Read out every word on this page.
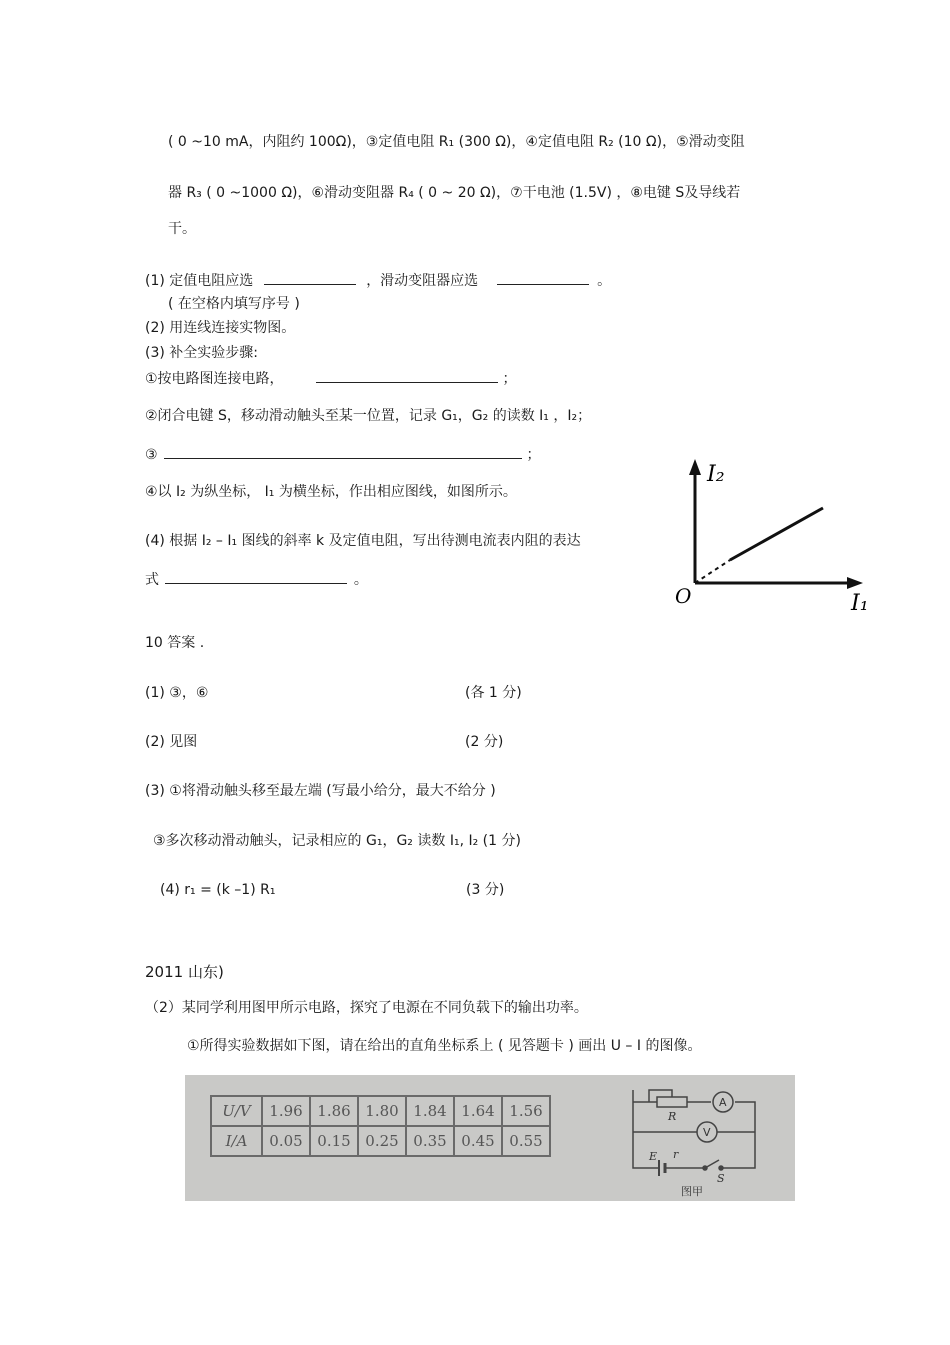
( 0 ~10 mA，内阻约 100Ω)，③定值电阻 R₁ (300 Ω)，④定值电阻 R₂ (10 Ω)，⑤滑动变阻
器 R₃ ( 0 ~1000 Ω)，⑥滑动变阻器 R₄ ( 0 ~ 20 Ω)，⑦干电池 (1.5V) ，⑧电键 S及导线若
干。
(1) 定值电阻应选	，滑动变阻器应选	。
( 在空格内填写序号 )
(2) 用连线连接实物图。
(3) 补全实验步骤:
①按电路图连接电路，	；
②闭合电键 S，移动滑动触头至某一位置，记录 G₁，G₂ 的读数 I₁ ，I₂；
③	；
④以 I₂ 为纵坐标， I₁ 为横坐标，作出相应图线，如图所示。
(4) 根据 I₂ – I₁ 图线的斜率 k 及定值电阻，写出待测电流表内阻的表达
式	。
I₂
I₁
O
10 答案 .
(1) ③，⑥	(各 1 分)
(2) 见图	(2 分)
(3) ①将滑动触头移至最左端 (写最小给分，最大不给分 )
③多次移动滑动触头，记录相应的 G₁，G₂ 读数 I₁, I₂ (1 分)
(4) r₁ = (k –1) R₁	(3 分)
2011 山东)
（2）某同学利用图甲所示电路，探究了电源在不同负载下的输出功率。
①所得实验数据如下图，请在给出的直角坐标系上 ( 见答题卡 ) 画出 U – I 的图像。
U/V	1.96	1.86	1.80	1.84	1.64	1.56
I/A	0.05	0.15	0.25	0.35	0.45	0.55
R
A
V
E r
S
图甲
